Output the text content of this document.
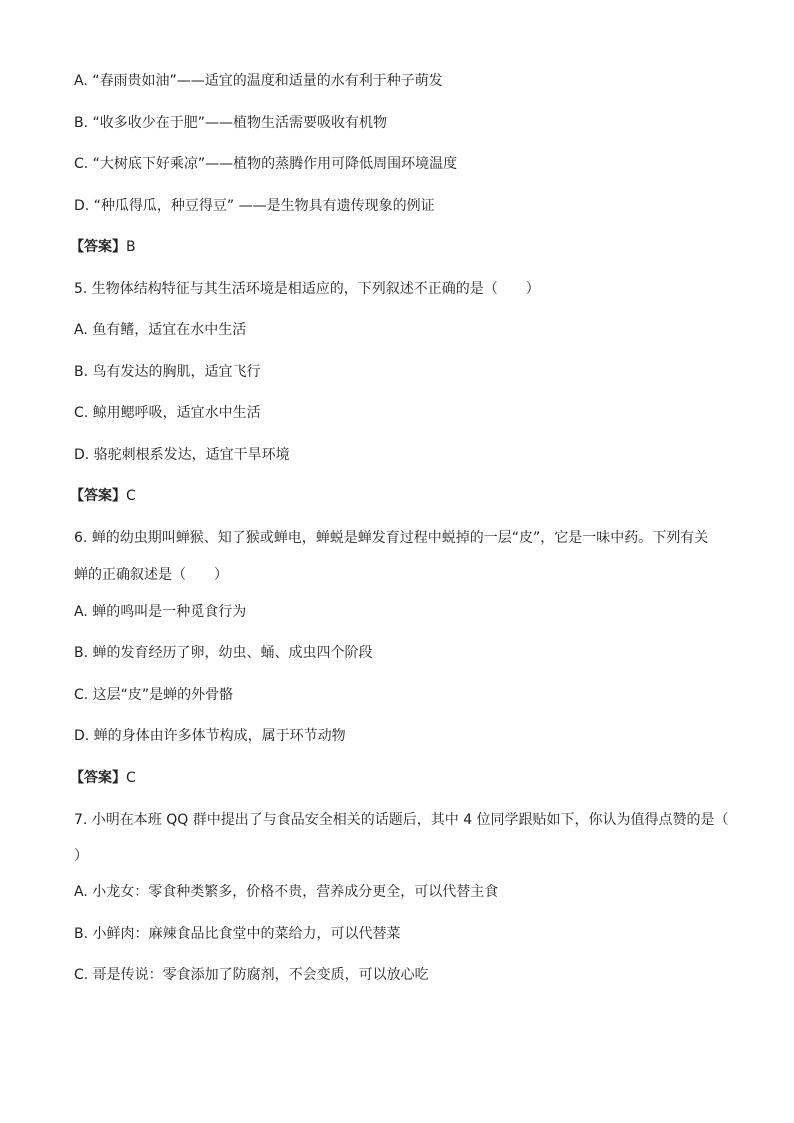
A. “春雨贵如油”——适宜的温度和适量的水有利于种子萌发
B. “收多收少在于肥”——植物生活需要吸收有机物
C. “大树底下好乘凉”——植物的蒸腾作用可降低周围环境温度
D. “种瓜得瓜，种豆得豆” ——是生物具有遗传现象的例证
【答案】B
5. 生物体结构特征与其生活环境是相适应的，下列叙述不正确的是（　　）
A. 鱼有鳍，适宜在水中生活
B. 鸟有发达的胸肌，适宜飞行
C. 鲸用鳃呼吸，适宜水中生活
D. 骆驼刺根系发达，适宜干旱环境
【答案】C
6. 蝉的幼虫期叫蝉猴、知了猴或蝉电，蝉蜕是蝉发育过程中蜕掉的一层“皮”，它是一味中药。下列有关
蝉的正确叙述是（　　）
A. 蝉的鸣叫是一种觅食行为
B. 蝉的发育经历了卵，幼虫、蛹、成虫四个阶段
C. 这层“皮”是蝉的外骨骼
D. 蝉的身体由许多体节构成，属于环节动物
【答案】C
7. 小明在本班 QQ 群中提出了与食品安全相关的话题后，其中 4 位同学跟贴如下，你认为值得点赞的是（
）
A. 小龙女：零食种类繁多，价格不贵，营养成分更全，可以代替主食
B. 小鲜肉：麻辣食品比食堂中的菜给力，可以代替菜
C. 哥是传说：零食添加了防腐剂，不会变质，可以放心吃
